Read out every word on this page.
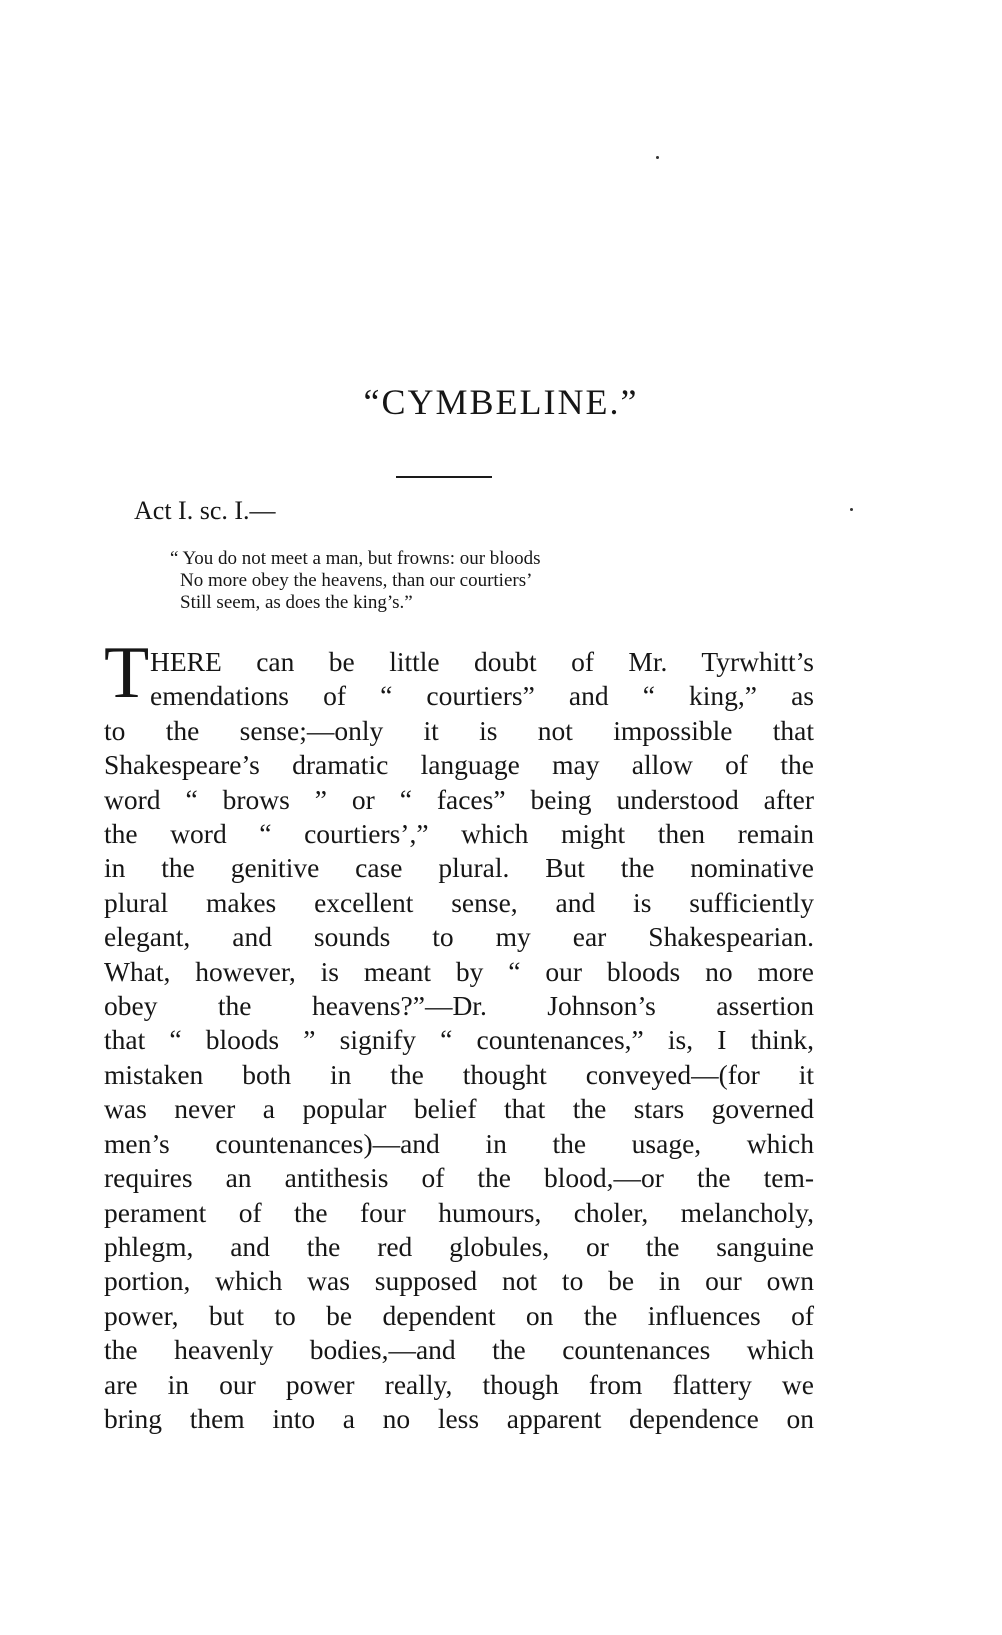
“CYMBELINE.”
Act I. sc. I.—
“ You do not meet a man, but frowns: our bloods
No more obey the heavens, than our courtiers’
Still seem, as does the king’s.”
T HERE can be little doubt of Mr. Tyrwhitt’s
emendations of “ courtiers” and “ king,” as
to the sense;—only it is not impossible that
Shakespeare’s dramatic language may allow of the
word “ brows ” or “ faces” being understood after
the word “ courtiers’,” which might then remain
in the genitive case plural. But the nominative
plural makes excellent sense, and is sufficiently
elegant, and sounds to my ear Shakespearian.
What, however, is meant by “ our bloods no more
obey the heavens?”—Dr. Johnson’s assertion
that “ bloods ” signify “ countenances,” is, I think,
mistaken both in the thought conveyed—(for it
was never a popular belief that the stars governed
men’s countenances)—and in the usage, which
requires an antithesis of the blood,—or the tem-
perament of the four humours, choler, melancholy,
phlegm, and the red globules, or the sanguine
portion, which was supposed not to be in our own
power, but to be dependent on the influences of
the heavenly bodies,—and the countenances which
are in our power really, though from flattery we
bring them into a no less apparent dependence on
